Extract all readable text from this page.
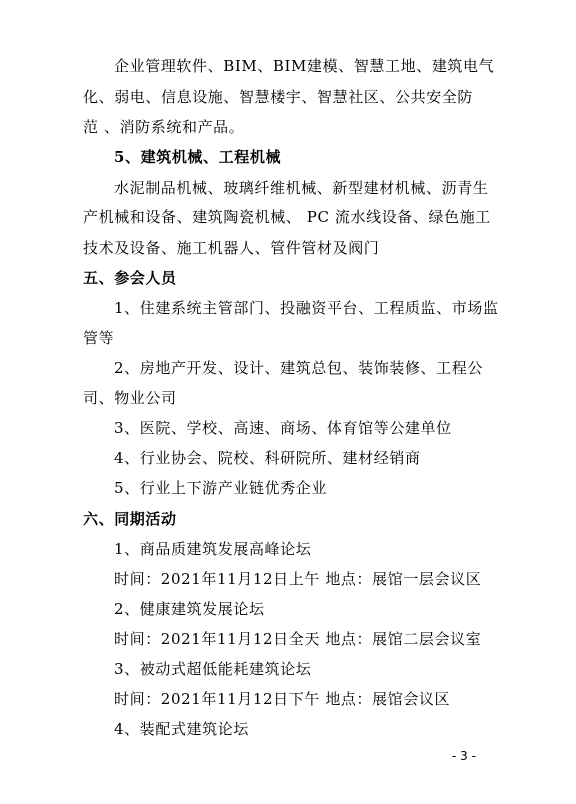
企业管理软件、BIM、BIM建模、智慧工地、建筑电气
化、弱电、信息设施、智慧楼宇、智慧社区、公共安全防
范 、消防系统和产品。
5、建筑机械、工程机械
水泥制品机械、玻璃纤维机械、新型建材机械、沥青生
产机械和设备、建筑陶瓷机械、 PC 流水线设备、绿色施工
技术及设备、施工机器人、管件管材及阀门
五、参会人员
1、住建系统主管部门、投融资平台、工程质监、市场监
管等
2、房地产开发、设计、建筑总包、装饰装修、工程公
司、物业公司
3、医院、学校、高速、商场、体育馆等公建单位
4、行业协会、院校、科研院所、建材经销商
5、行业上下游产业链优秀企业
六、同期活动
1、商品质建筑发展高峰论坛
时间：2021年11月12日上午 地点：展馆一层会议区
2、健康建筑发展论坛
时间：2021年11月12日全天 地点：展馆二层会议室
3、被动式超低能耗建筑论坛
时间：2021年11月12日下午 地点：展馆会议区
4、装配式建筑论坛
- 3 -
